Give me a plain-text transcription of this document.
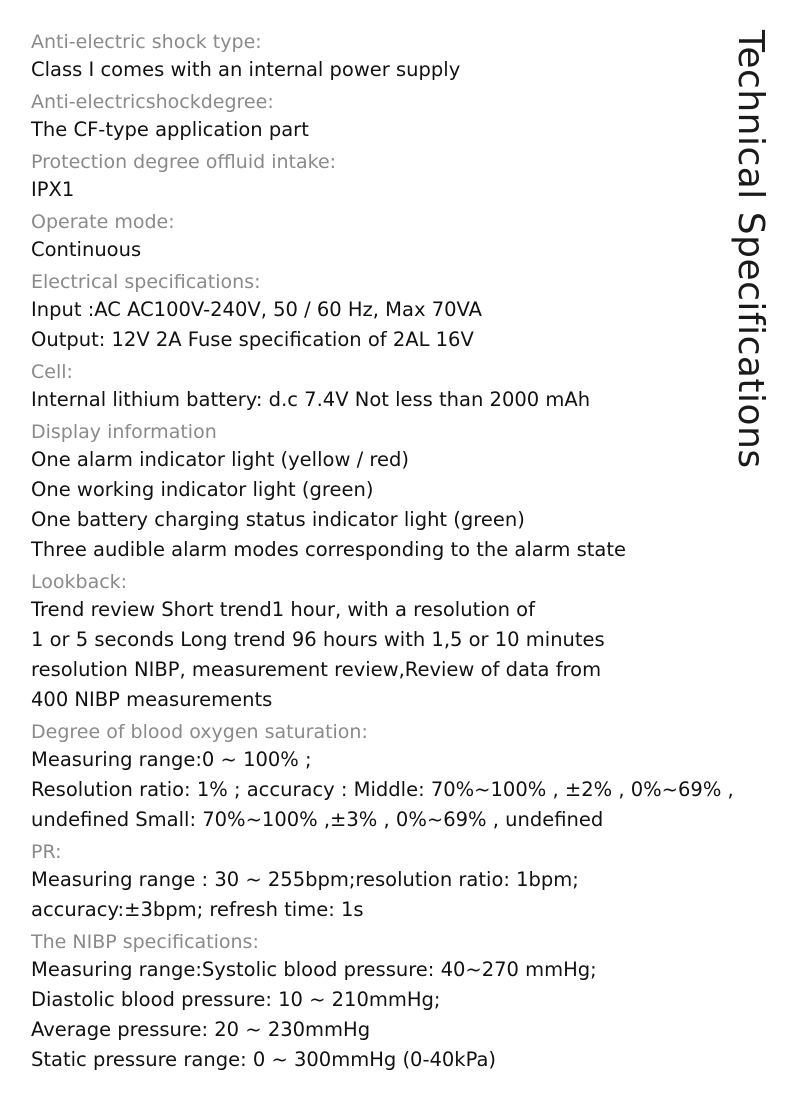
Technical Specifications
Anti-electric shock type:
Class I comes with an internal power supply
Anti-electricshockdegree:
The CF-type application part
Protection degree offluid intake:
IPX1
Operate mode:
Continuous
Electrical specifications:
Input :AC AC100V-240V, 50 / 60 Hz, Max 70VA
Output: 12V 2A Fuse specification of 2AL 16V
Cell:
Internal lithium battery: d.c 7.4V Not less than 2000 mAh
Display information
One alarm indicator light (yellow / red)
One working indicator light (green)
One battery charging status indicator light (green)
Three audible alarm modes corresponding to the alarm state
Lookback:
Trend review Short trend1 hour, with a resolution of
1 or 5 seconds Long trend 96 hours with 1,5 or 10 minutes
resolution NIBP, measurement review,Review of data from
400 NIBP measurements
Degree of blood oxygen saturation:
Measuring range:0 ~ 100% ;
Resolution ratio: 1% ; accuracy : Middle: 70%~100% , ±2% , 0%~69% ,
undefined Small: 70%~100% ,±3% , 0%~69% , undefined
PR:
Measuring range : 30 ~ 255bpm;resolution ratio: 1bpm;
accuracy:±3bpm; refresh time: 1s
The NIBP specifications:
Measuring range:Systolic blood pressure: 40~270 mmHg;
Diastolic blood pressure: 10 ~ 210mmHg;
Average pressure: 20 ~ 230mmHg
Static pressure range: 0 ~ 300mmHg (0-40kPa)
